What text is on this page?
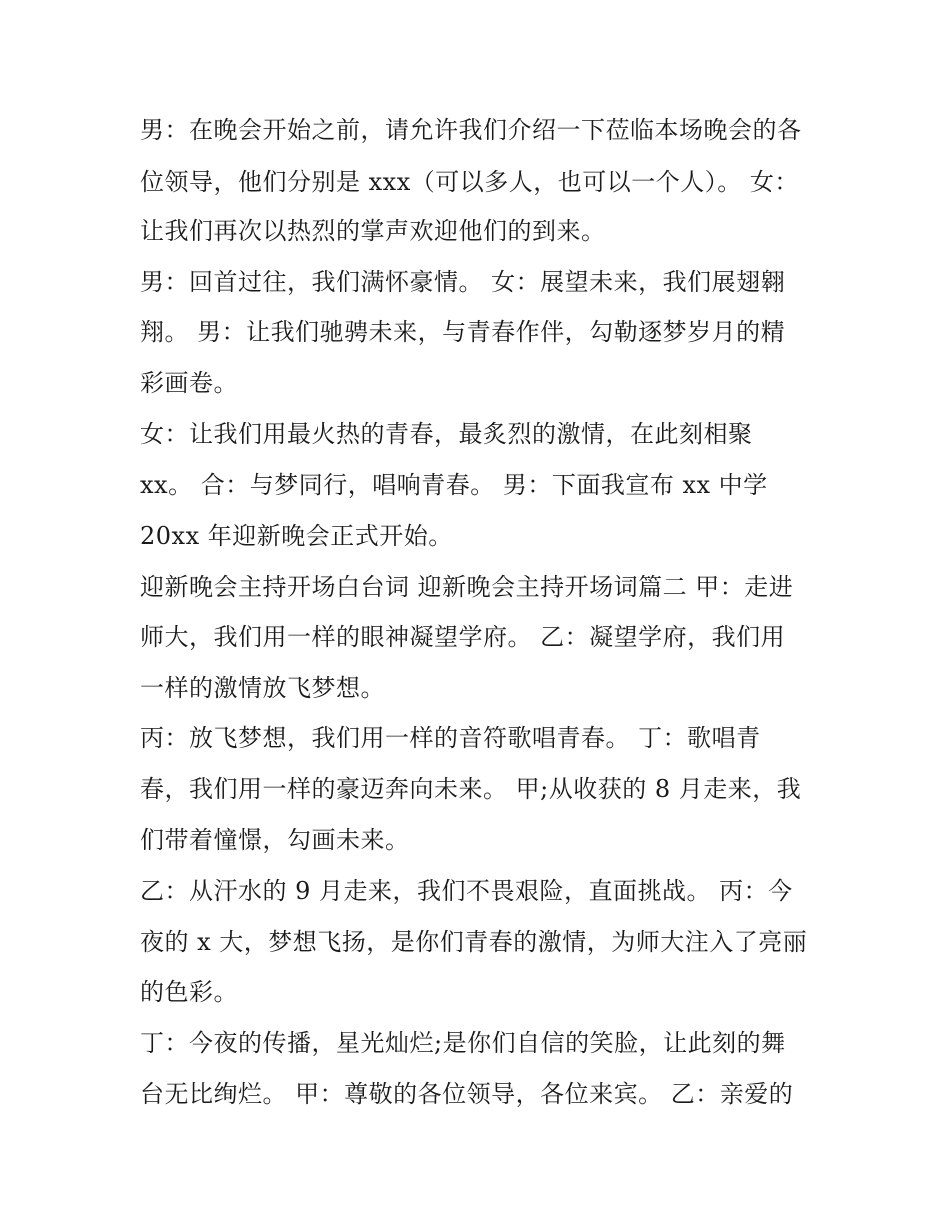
男：在晚会开始之前，请允许我们介绍一下莅临本场晚会的各
位领导，他们分别是 xxx（可以多人，也可以一个人）。 女：
让我们再次以热烈的掌声欢迎他们的到来。
男：回首过往，我们满怀豪情。 女：展望未来，我们展翅翱
翔。 男：让我们驰骋未来，与青春作伴，勾勒逐梦岁月的精
彩画卷。
女：让我们用最火热的青春，最炙烈的激情，在此刻相聚
xx。 合：与梦同行，唱响青春。 男：下面我宣布 xx 中学
20xx 年迎新晚会正式开始。
迎新晚会主持开场白台词 迎新晚会主持开场词篇二 甲：走进
师大，我们用一样的眼神凝望学府。 乙：凝望学府，我们用
一样的激情放飞梦想。
丙：放飞梦想，我们用一样的音符歌唱青春。 丁：歌唱青
春，我们用一样的豪迈奔向未来。 甲;从收获的 8 月走来，我
们带着憧憬，勾画未来。
乙：从汗水的 9 月走来，我们不畏艰险，直面挑战。 丙：今
夜的 x 大，梦想飞扬，是你们青春的激情，为师大注入了亮丽
的色彩。
丁：今夜的传播，星光灿烂;是你们自信的笑脸，让此刻的舞
台无比绚烂。 甲：尊敬的各位领导，各位来宾。 乙：亲爱的
